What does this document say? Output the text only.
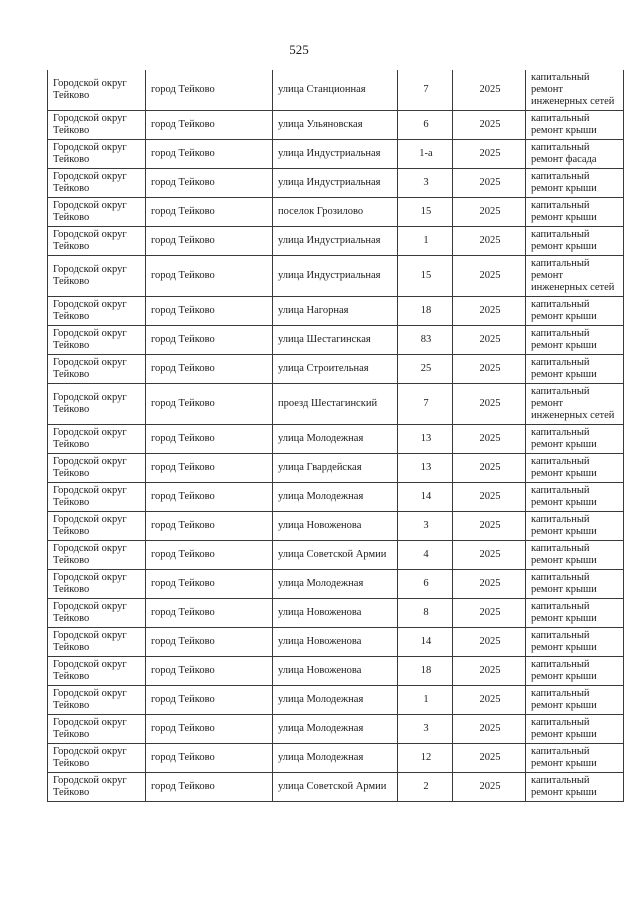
525
Городской округ Тейково	город Тейково	улица Станционная	7	2025	капитальный ремонт инженерных сетей
Городской округ Тейково	город Тейково	улица Ульяновская	6	2025	капитальный ремонт крыши
Городской округ Тейково	город Тейково	улица Индустриальная	1-а	2025	капитальный ремонт фасада
Городской округ Тейково	город Тейково	улица Индустриальная	3	2025	капитальный ремонт крыши
Городской округ Тейково	город Тейково	поселок Грозилово	15	2025	капитальный ремонт крыши
Городской округ Тейково	город Тейково	улица Индустриальная	1	2025	капитальный ремонт крыши
Городской округ Тейково	город Тейково	улица Индустриальная	15	2025	капитальный ремонт инженерных сетей
Городской округ Тейково	город Тейково	улица Нагорная	18	2025	капитальный ремонт крыши
Городской округ Тейково	город Тейково	улица Шестагинская	83	2025	капитальный ремонт крыши
Городской округ Тейково	город Тейково	улица Строительная	25	2025	капитальный ремонт крыши
Городской округ Тейково	город Тейково	проезд Шестагинский	7	2025	капитальный ремонт инженерных сетей
Городской округ Тейково	город Тейково	улица Молодежная	13	2025	капитальный ремонт крыши
Городской округ Тейково	город Тейково	улица Гвардейская	13	2025	капитальный ремонт крыши
Городской округ Тейково	город Тейково	улица Молодежная	14	2025	капитальный ремонт крыши
Городской округ Тейково	город Тейково	улица Новоженова	3	2025	капитальный ремонт крыши
Городской округ Тейково	город Тейково	улица Советской Армии	4	2025	капитальный ремонт крыши
Городской округ Тейково	город Тейково	улица Молодежная	6	2025	капитальный ремонт крыши
Городской округ Тейково	город Тейково	улица Новоженова	8	2025	капитальный ремонт крыши
Городской округ Тейково	город Тейково	улица Новоженова	14	2025	капитальный ремонт крыши
Городской округ Тейково	город Тейково	улица Новоженова	18	2025	капитальный ремонт крыши
Городской округ Тейково	город Тейково	улица Молодежная	1	2025	капитальный ремонт крыши
Городской округ Тейково	город Тейково	улица Молодежная	3	2025	капитальный ремонт крыши
Городской округ Тейково	город Тейково	улица Молодежная	12	2025	капитальный ремонт крыши
Городской округ Тейково	город Тейково	улица Советской Армии	2	2025	капитальный ремонт крыши
